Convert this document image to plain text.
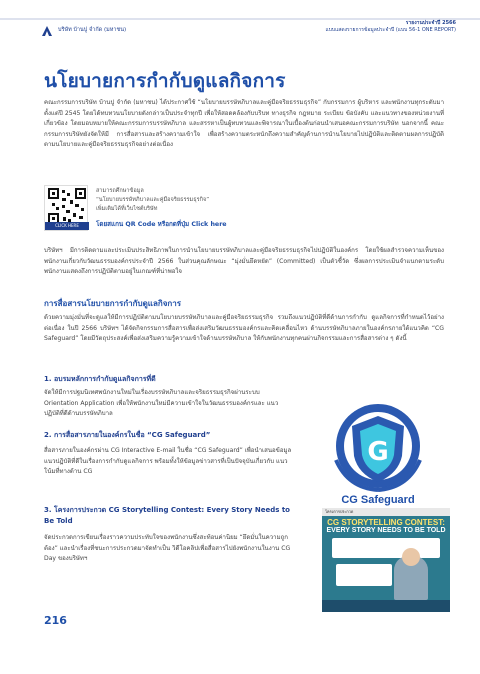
บริษัท บ้านปู จำกัด (มหาชน)
รายงานประจำปี 2566
แบบแสดงรายการข้อมูลประจำปี (แบบ 56-1 ONE REPORT)
นโยบายการกำกับดูแลกิจการ
คณะกรรมการบริษัท บ้านปู จำกัด (มหาชน) ได้ประกาศใช้ “นโยบายบรรษัทภิบาลและคู่มือจริยธรรมธุรกิจ” กับกรรมการ ผู้บริหาร และพนักงานทุกระดับมาตั้งแต่ปี 2545 โดยได้ทบทวนนโยบายดังกล่าวเป็นประจำทุกปี เพื่อให้สอดคล้องกับบริบท ทางธุรกิจ กฎหมาย ระเบียบ ข้อบังคับ และแนวทางของหน่วยงานที่เกี่ยวข้อง โดยมอบหมายให้คณะกรรมการบรรษัทภิบาล และสรรหาเป็นผู้ทบทวนและพิจารณาในเบื้องต้นก่อนนำเสนอคณะกรรมการบริษัท นอกจากนี้ คณะกรรมการบริษัทยังจัดให้มี การสื่อสารและสร้างความเข้าใจ เพื่อสร้างความตระหนักถึงความสำคัญด้านการนำนโยบายไปปฏิบัติและติดตามผลการปฏิบัติ ตามนโยบายและคู่มือจริยธรรมธุรกิจอย่างต่อเนื่อง
CLICK HERE
สามารถศึกษาข้อมูล
“นโยบายบรรษัทภิบาลและคู่มือจริยธรรมธุรกิจ”
เพิ่มเติมได้ที่เว็บไซต์บริษัท
โดยสแกน QR Code หรือกดที่ปุ่ม Click here
บริษัทฯ มีการติดตามและประเมินประสิทธิภาพในการนำนโยบายบรรษัทภิบาลและคู่มือจริยธรรมธุรกิจไปปฏิบัติในองค์กร โดยใช้ผลสำรวจความเห็นของพนักงานเกี่ยวกับวัฒนธรรมองค์กรประจำปี 2566 ในส่วนคุณลักษณะ “มุ่งมั่นยึดหยัด” (Committed) เป็นตัวชี้วัด ซึ่งผลการประเมินจำแนกตามระดับพนักงานแสดงถึงการปฏิบัติตามอยู่ในเกณฑ์ที่น่าพอใจ
การสื่อสารนโยบายการกำกับดูแลกิจการ
ด้วยความมุ่งมั่นที่จะดูแลให้มีการปฏิบัติตามนโยบายบรรษัทภิบาลและคู่มือจริยธรรมธุรกิจ รวมถึงแนวปฏิบัติที่ดีด้านการกำกับ ดูแลกิจการที่กำหนดไว้อย่างต่อเนื่อง ในปี 2566 บริษัทฯ ได้จัดกิจกรรมการสื่อสารเพื่อส่งเสริมวัฒนธรรมองค์กรและคิดเคลื่อนไหว ด้านบรรษัทภิบาลภายในองค์กรภายใต้แนวคิด “CG Safeguard” โดยมีวัตถุประสงค์เพื่อส่งเสริมความรู้ความเข้าใจด้านบรรษัทภิบาล ให้กับพนักงานทุกคนผ่านกิจกรรมและการสื่อสารต่าง ๆ ดังนี้
1. อบรมหลักการกำกับดูแลกิจการที่ดี
จัดให้มีการปฐมนิเทศพนักงานใหม่ในเรื่องบรรษัทภิบาลและจริยธรรมธุรกิจผ่านระบบ Orientation Application เพื่อให้พนักงานใหม่มีความเข้าใจในวัฒนธรรมองค์กรและ แนวปฏิบัติที่ดีด้านบรรษัทภิบาล
2. การสื่อสารภายในองค์กรในชื่อ “CG Safeguard”
สื่อสารภายในองค์กรผ่าน CG Interactive E-mail ในชื่อ “CG Safeguard” เพื่อนำเสนอข้อมูล แนวปฏิบัติที่ดีในเรื่องการกำกับดูแลกิจการ พร้อมทั้งให้ข้อมูลข่าวสารที่เป็นปัจจุบันเกี่ยวกับ แนวโน้มที่ทางด้าน CG
G
CG Safeguard
3. โครงการประกวด CG Storytelling Contest: Every Story Needs to Be Told
จัดประกวดการเขียนเรื่องราวความประทับใจของพนักงานซึ่งสะท้อนค่านิยม “ยึดมั่นในความถูกต้อง” และนำเรื่องที่ชนะการประกวดมาจัดทำเป็น วิดีโอคลิปเพื่อสื่อสารไปยังพนักงานในงาน CG Day ของบริษัทฯ
โครงการประกวด
CG STORYTELLING CONTEST:
EVERY STORY NEEDS TO BE TOLD
216
